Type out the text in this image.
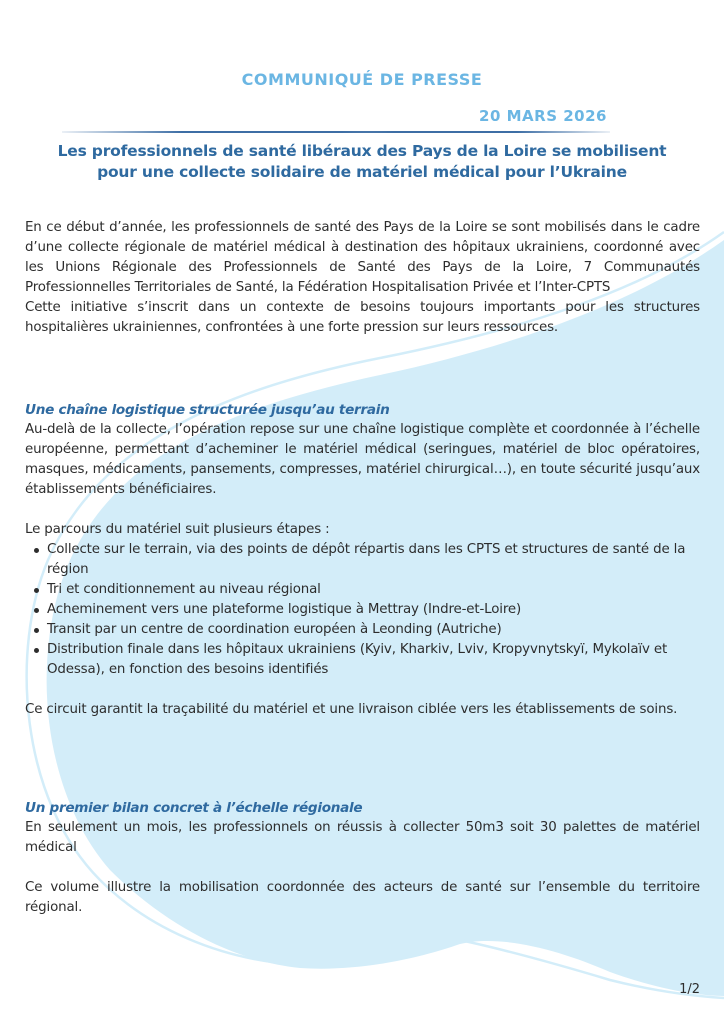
COMMUNIQUÉ DE PRESSE
20 MARS 2026
Les professionnels de santé libéraux des Pays de la Loire se mobilisent
pour une collecte solidaire de matériel médical pour l’Ukraine

En ce début d’année, les professionnels de santé des Pays de la Loire se sont mobilisés dans le cadre d’une collecte régionale de matériel médical à destination des hôpitaux ukrainiens, coordonné avec les Unions Régionale des Professionnels de Santé des Pays de la Loire, 7 Communautés Professionnelles Territoriales de Santé, la Fédération Hospitalisation Privée et l’Inter-CPTS

Cette initiative s’inscrit dans un contexte de besoins toujours importants pour les structures hospitalières ukrainiennes, confrontées à une forte pression sur leurs ressources.

Une chaîne logistique structurée jusqu’au terrain

Au-delà de la collecte, l’opération repose sur une chaîne logistique complète et coordonnée à l’échelle européenne, permettant d’acheminer le matériel médical (seringues, matériel de bloc opératoires, masques, médicaments, pansements, compresses, matériel chirurgical…), en toute sécurité jusqu’aux établissements bénéficiaires.

Le parcours du matériel suit plusieurs étapes :

Collecte sur le terrain, via des points de dépôt répartis dans les CPTS et structures de santé de la région
Tri et conditionnement au niveau régional
Acheminement vers une plateforme logistique à Mettray (Indre-et-Loire)
Transit par un centre de coordination européen à Leonding (Autriche)
Distribution finale dans les hôpitaux ukrainiens (Kyiv, Kharkiv, Lviv, Kropyvnytskyï, Mykolaïv et Odessa), en fonction des besoins identifiés

Ce circuit garantit la traçabilité du matériel et une livraison ciblée vers les établissements de soins.

Un premier bilan concret à l’échelle régionale

En seulement un mois, les professionnels on réussis à collecter 50m3 soit 30 palettes de matériel médical

Ce volume illustre la mobilisation coordonnée des acteurs de santé sur l’ensemble du territoire régional.

1/2
